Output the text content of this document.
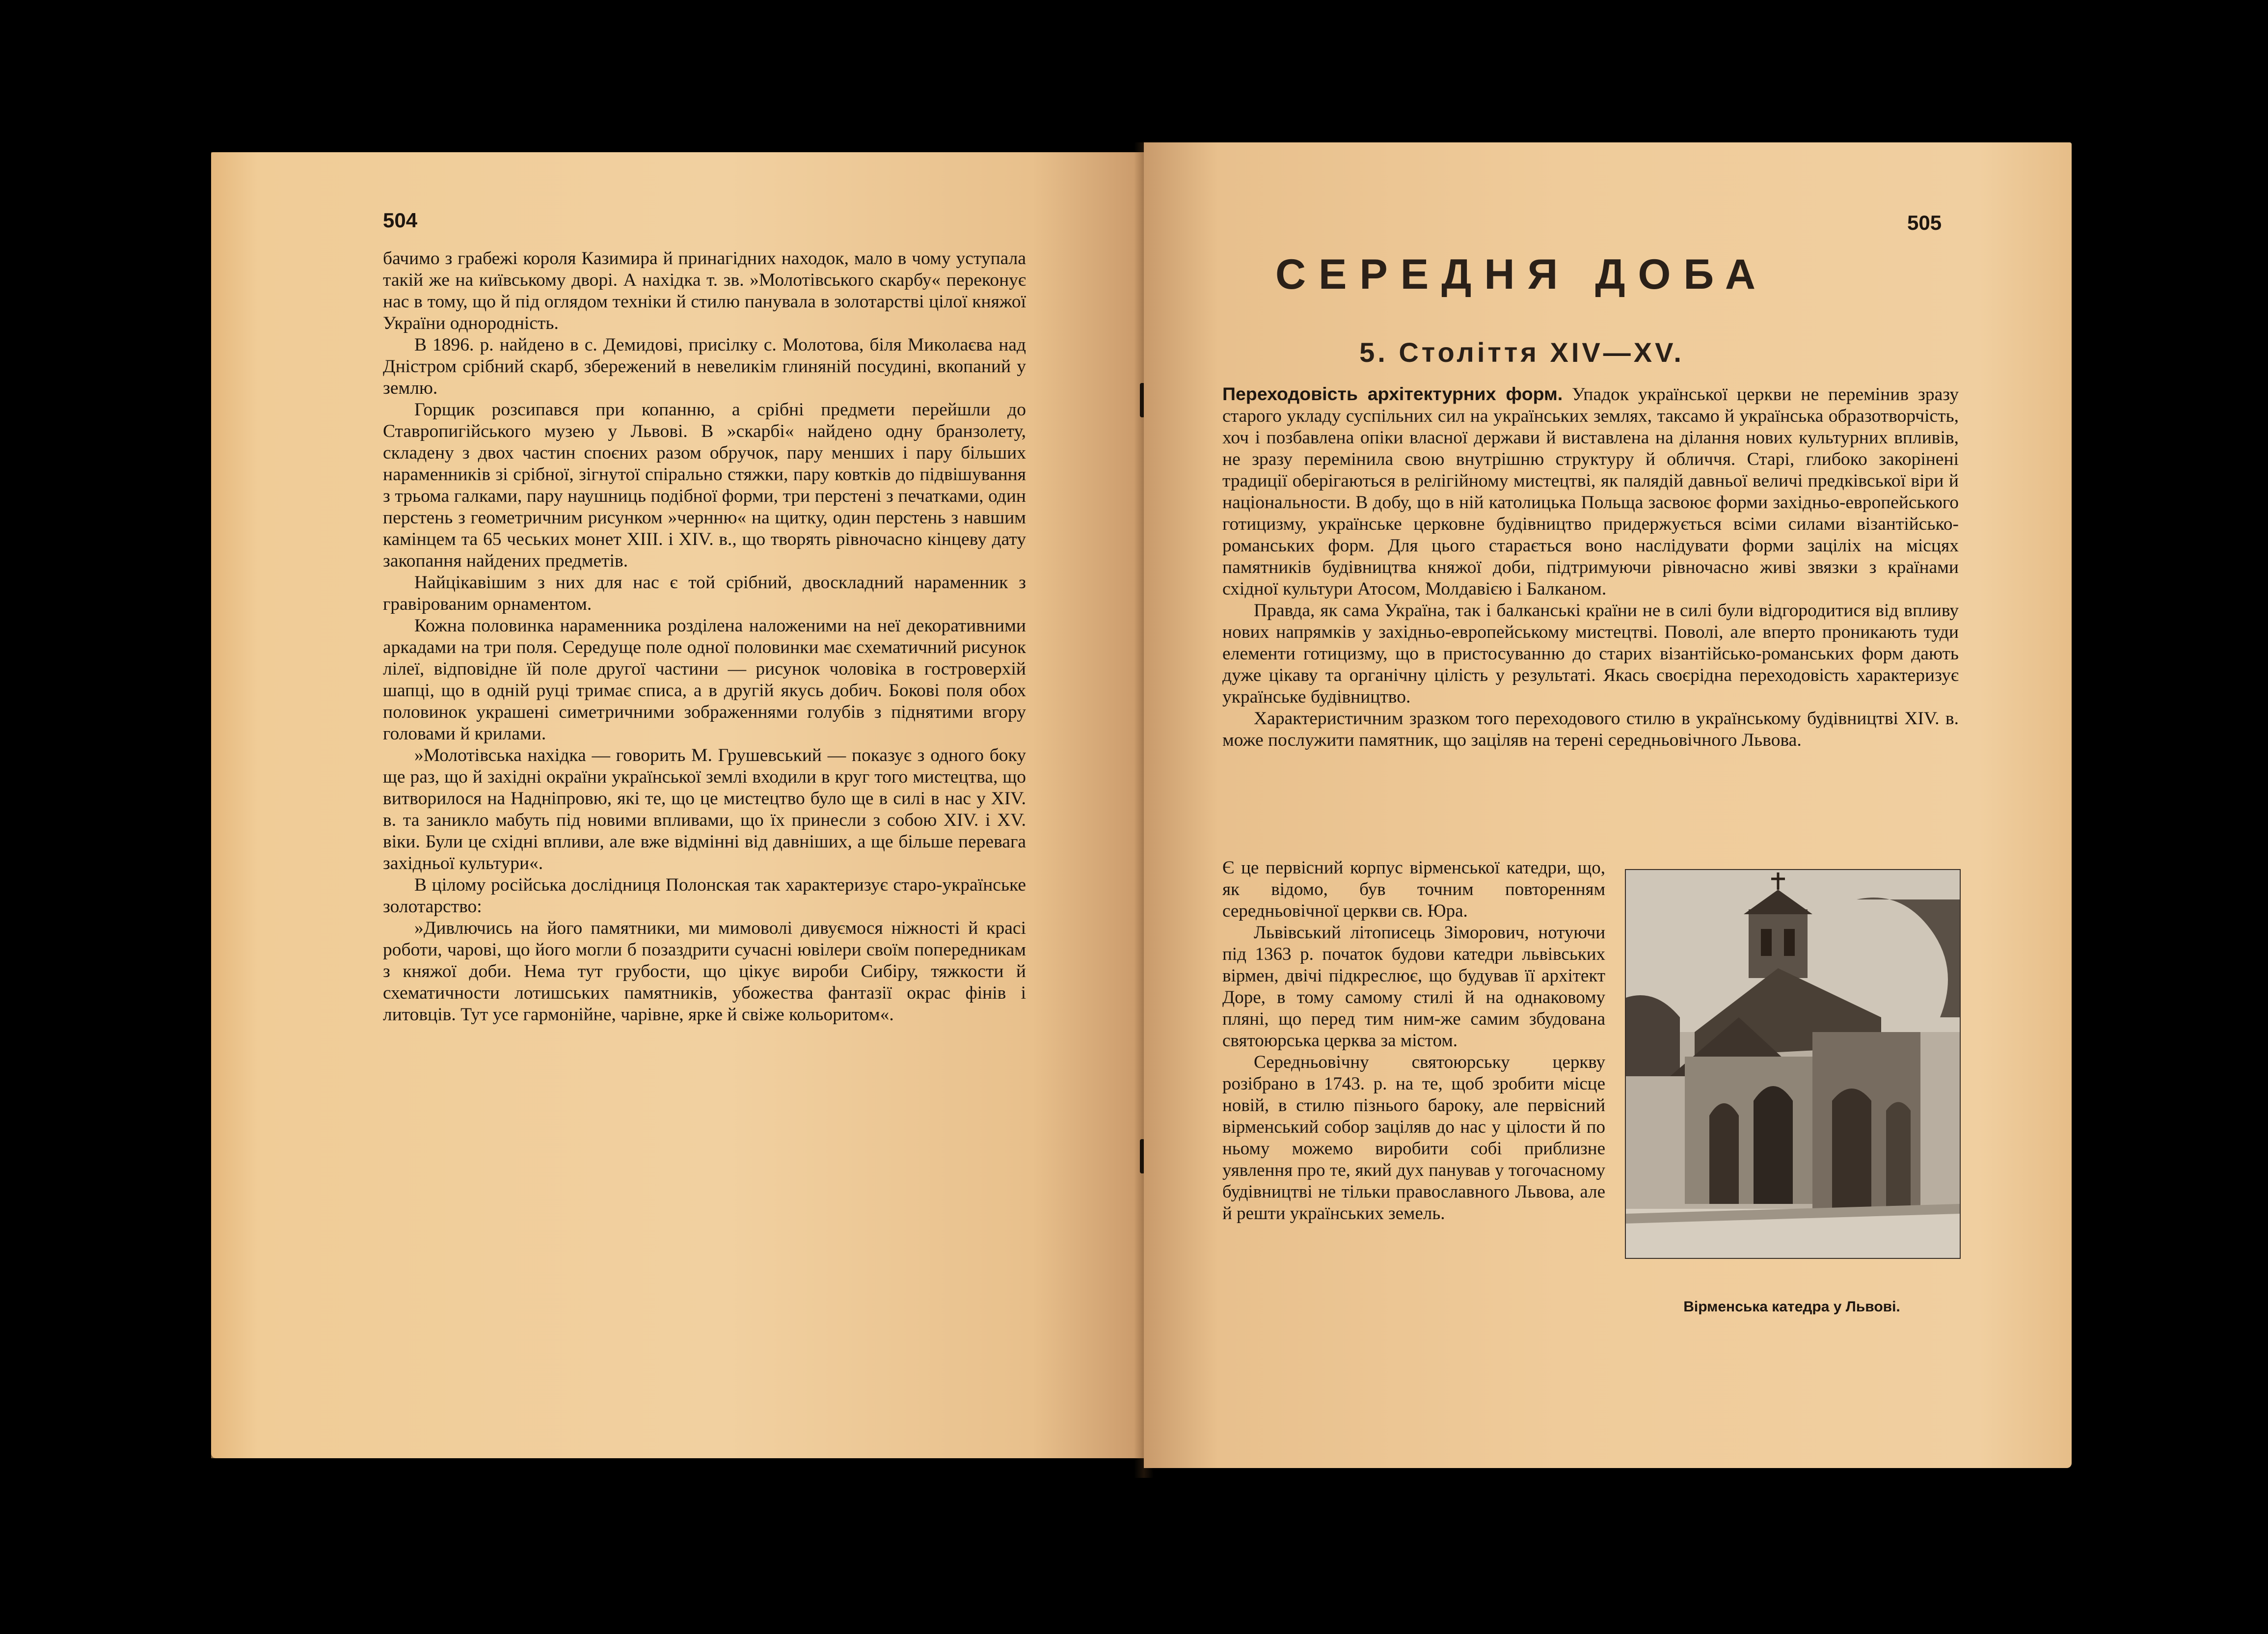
504

бачимо з грабежі короля Казимира й принагідних находок, мало в чому уступала такій же на київському дворі. А нахідка т. зв. »Молотівського скарбу« переконує нас в тому, що й під оглядом техніки й стилю панувала в золотарстві цілої княжої України однородність.

В 1896. р. найдено в с. Демидові, присілку с. Молотова, біля Миколаєва над Дністром срібний скарб, збережений в невеликім глиняній посудині, вкопаний у землю.

Горщик розсипався при копанню, а срібні предмети перейшли до Ставропигійського музею у Львові. В »скарбі« найдено одну бранзолету, складену з двох частин споєних разом обручок, пару менших і пару більших нараменників зі срібної, зігнутої спірально стяжки, пару ковтків до підвішування з трьома галками, пару наушниць подібної форми, три перстені з печатками, один перстень з геометричним рисунком »чернню« на щитку, один перстень з навшим камінцем та 65 чеських монет XIII. і XIV. в., що творять рівночасно кінцеву дату закопання найдених предметів.

Найцікавішим з них для нас є той срібний, двоскладний нараменник з гравірованим орнаментом.

Кожна половинка нараменника розділена наложеними на неї декоративними аркадами на три поля. Середуще поле одної половинки має схематичний рисунок лілеї, відповідне їй поле другої частини — рисунок чоловіка в гостроверхій шапці, що в одній руці тримає списа, а в другій якусь добич. Бокові поля обох половинок украшені симетричними зображеннями голубів з піднятими вгору головами й крилами.

»Молотівська нахідка — говорить М. Грушевський — показує з одного боку ще раз, що й західні окраїни української землі входили в круг того мистецтва, що витворилося на Наднiпровю, які те, що це мистецтво було ще в силі в нас у XIV. в. та заникло мабуть під новими впливами, що їх принесли з собою XIV. і XV. віки. Були це східні впливи, але вже відмінні від давніших, а ще більше перевага західньої культури«.

В цілому російська дослідниця Полонская так характеризує старо-українське золотарство:

»Дивлючись на його памятники, ми мимоволі дивуємося ніжності й красі роботи, чарові, що його могли б позаздрити сучасні ювілери своїм попередникам з княжої доби. Нема тут грубости, що цікує вироби Сибіру, тяжкости й схематичности лотишських памятників, убожества фантазії окрас фінів і литовців. Тут усе гармонійне, чарівне, ярке й свіже кольоритом«.

505
СЕРЕДНЯ ДОБА
5. Століття XIV—XV.

Переходовість архітектурних форм. Упадок української церкви не перемінив зразу старого укладу суспільних сил на українських землях, таксамо й українська образотворчість, хоч і позбавлена опіки власної держави й виставлена на ділання нових культурних впливів, не зразу перемінила свою внутрішню структуру й обличчя. Старі, глибоко закорінені традиції оберігаються в релігійному мистецтві, як палядій давньої величі предківської віри й національности. В добу, що в ній католицька Польща засвоює форми західньо-европейського готицизму, українське церковне будівництво придержується всіми силами візантійсько-романських форм. Для цього старається воно наслідувати форми заціліх на місцях памятників будівництва княжої доби, підтримуючи рівночасно живі звязки з країнами східної культури Атосом, Молдавією і Балканом.

Правда, як сама Україна, так і балканські країни не в силі були відгородитися від впливу нових напрямків у західньо-европейському мистецтві. Поволі, але вперто проникають туди елементи готицизму, що в пристосуванню до старих візантійсько-романських форм дають дуже цікаву та органічну цілість у результаті. Якась своєрідна переходовість характеризує українське будівництво.

Характеристичним зразком того переходового стилю в українському будівництві XIV. в. може послужити памятник, що заціляв на терені середньовічного Львова.

Є це первісний корпус вірменської катедри, що, як відомо, був точним повторенням середньовічної церкви св. Юра.

Львівський літописець Зіморович, нотуючи під 1363 р. початок будови катедри львівських вірмен, двічі підкреслює, що будував її архітект Доре, в тому самому стилі й на однаковому пляні, що перед тим ним-же самим збудована святоюрська церква за містом.

Середньовічну святоюрську церкву розібрано в 1743. р. на те, щоб зробити місце новій, в стилю пізнього бароку, але первісний вірменський собор заціляв до нас у цілости й по ньому можемо виробити собі приблизне уявлення про те, який дух панував у тогочасному будівництві не тільки православного Львова, але й решти українських земель.

Вірменська катедра у Львові.
